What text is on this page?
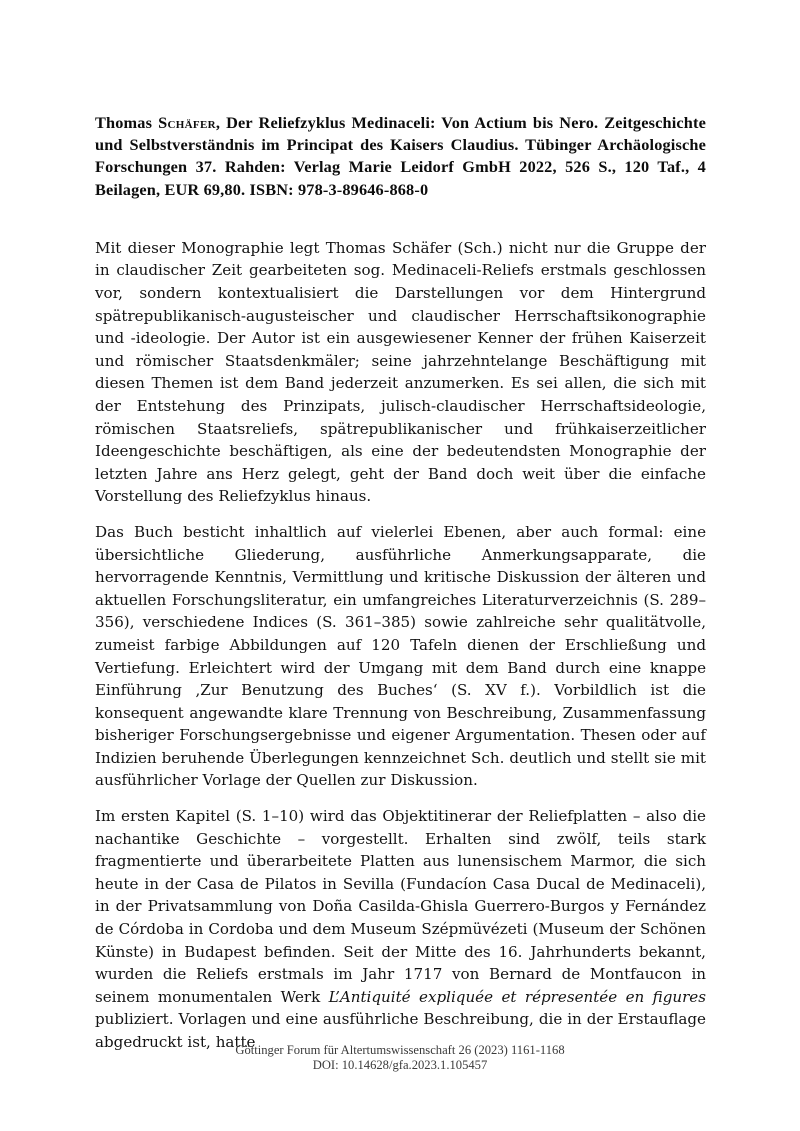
Thomas Schäfer, Der Reliefzyklus Medinaceli: Von Actium bis Nero. Zeitgeschichte und Selbstverständnis im Principat des Kaisers Claudius. Tübinger Archäologische Forschungen 37. Rahden: Verlag Marie Leidorf GmbH 2022, 526 S., 120 Taf., 4 Beilagen, EUR 69,80. ISBN: 978-3-89646-868-0

Mit dieser Monographie legt Thomas Schäfer (Sch.) nicht nur die Gruppe der in claudischer Zeit gearbeiteten sog. Medinaceli-Reliefs erstmals geschlossen vor, sondern kontextualisiert die Darstellungen vor dem Hintergrund spätrepublikanisch-augusteischer und claudischer Herrschaftsikonographie und -ideologie. Der Autor ist ein ausgewiesener Kenner der frühen Kaiserzeit und römischer Staatsdenkmäler; seine jahrzehntelange Beschäftigung mit diesen Themen ist dem Band jederzeit anzumerken. Es sei allen, die sich mit der Entstehung des Prinzipats, julisch-claudischer Herrschaftsideologie, römischen Staatsreliefs, spätrepublikanischer und frühkaiserzeitlicher Ideengeschichte beschäftigen, als eine der bedeutendsten Monographie der letzten Jahre ans Herz gelegt, geht der Band doch weit über die einfache Vorstellung des Reliefzyklus hinaus.

Das Buch besticht inhaltlich auf vielerlei Ebenen, aber auch formal: eine übersichtliche Gliederung, ausführliche Anmerkungsapparate, die hervorragende Kenntnis, Vermittlung und kritische Diskussion der älteren und aktuellen Forschungsliteratur, ein umfangreiches Literaturverzeichnis (S. 289–356), verschiedene Indices (S. 361–385) sowie zahlreiche sehr qualitätvolle, zumeist farbige Abbildungen auf 120 Tafeln dienen der Erschließung und Vertiefung. Erleichtert wird der Umgang mit dem Band durch eine knappe Einführung ‚Zur Benutzung des Buches‘ (S. XV f.). Vorbildlich ist die konsequent angewandte klare Trennung von Beschreibung, Zusammenfassung bisheriger Forschungsergebnisse und eigener Argumentation. Thesen oder auf Indizien beruhende Überlegungen kennzeichnet Sch. deutlich und stellt sie mit ausführlicher Vorlage der Quellen zur Diskussion.

Im ersten Kapitel (S. 1–10) wird das Objektitinerar der Reliefplatten – also die nachantike Geschichte – vorgestellt. Erhalten sind zwölf, teils stark fragmentierte und überarbeitete Platten aus lunensischem Marmor, die sich heute in der Casa de Pilatos in Sevilla (Fundacíon Casa Ducal de Medinaceli), in der Privatsammlung von Doña Casilda-Ghisla Guerrero-Burgos y Fernández de Córdoba in Cordoba und dem Museum Szépmüvézeti (Museum der Schönen Künste) in Budapest befinden. Seit der Mitte des 16. Jahrhunderts bekannt, wurden die Reliefs erstmals im Jahr 1717 von Bernard de Montfaucon in seinem monumentalen Werk L’Antiquité expliquée et répresentée en figures publiziert. Vorlagen und eine ausführliche Beschreibung, die in der Erstauflage abgedruckt ist, hatte

Göttinger Forum für Altertumswissenschaft 26 (2023) 1161-1168
DOI: 10.14628/gfa.2023.1.105457
